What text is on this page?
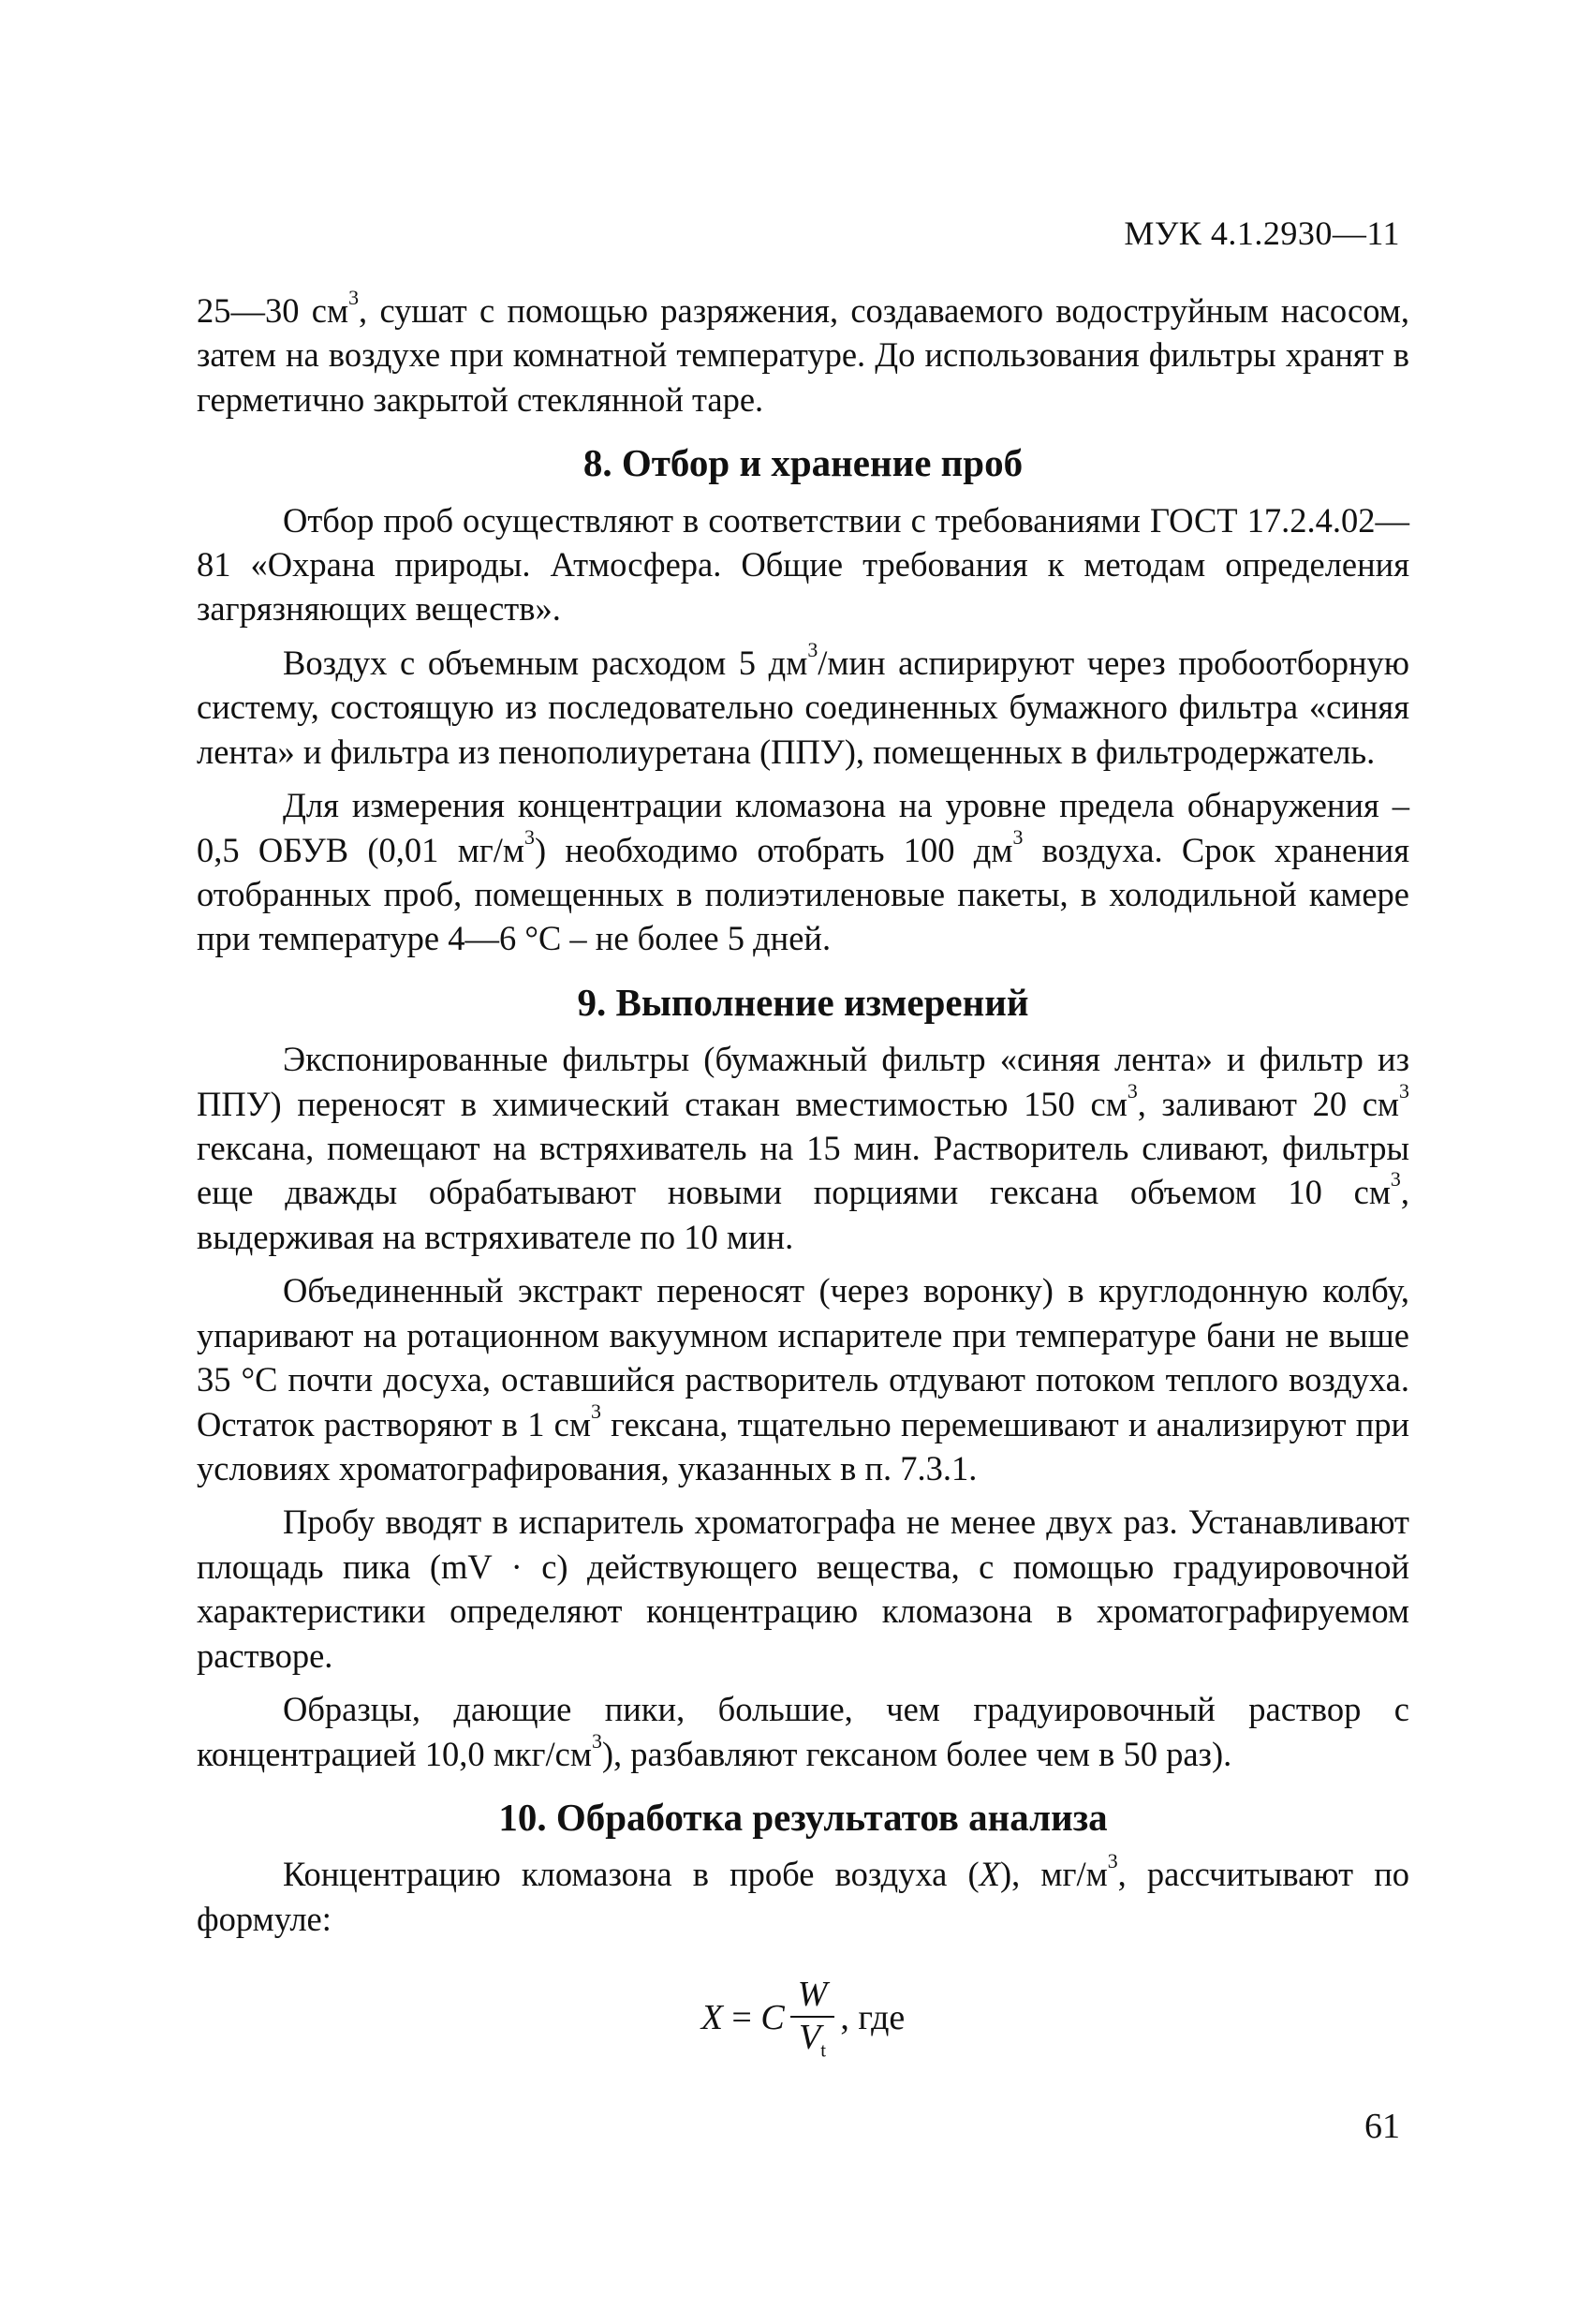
МУК 4.1.2930—11

25—30 $см^3$, сушат с помощью разряжения, создаваемого водоструйным насосом, затем на воздухе при комнатной температуре. До использования фильтры хранят в герметично закрытой стеклянной таре.

8. Отбор и хранение проб

Отбор проб осуществляют в соответствии с требованиями ГОСТ 17.2.4.02—81 «Охрана природы. Атмосфера. Общие требования к методам определения загрязняющих веществ».

Воздух с объемным расходом 5 $дм^3$/мин аспирируют через пробоотборную систему, состоящую из последовательно соединенных бумажного фильтра «синяя лента» и фильтра из пенополиуретана (ППУ), помещенных в фильтродержатель.

Для измерения концентрации кломазона на уровне предела обнаружения – 0,5 ОБУВ (0,01 $мг/м^3$) необходимо отобрать 100 $дм^3$ воздуха. Срок хранения отобранных проб, помещенных в полиэтиленовые пакеты, в холодильной камере при температуре 4—6 °С – не более 5 дней.

9. Выполнение измерений

Экспонированные фильтры (бумажный фильтр «синяя лента» и фильтр из ППУ) переносят в химический стакан вместимостью 150 $см^3$, заливают 20 $см^3$ гексана, помещают на встряхиватель на 15 мин. Растворитель сливают, фильтры еще дважды обрабатывают новыми порциями гексана объемом 10 $см^3$, выдерживая на встряхивателе по 10 мин.

Объединенный экстракт переносят (через воронку) в круглодонную колбу, упаривают на ротационном вакуумном испарителе при температуре бани не выше 35 °С почти досуха, оставшийся растворитель отдувают потоком теплого воздуха. Остаток растворяют в 1 $см^3$ гексана, тщательно перемешивают и анализируют при условиях хроматографирования, указанных в п. 7.3.1.

Пробу вводят в испаритель хроматографа не менее двух раз. Устанавливают площадь пика (mV · с) действующего вещества, с помощью градуировочной характеристики определяют концентрацию кломазона в хроматографируемом растворе.

Образцы, дающие пики, большие, чем градуировочный раствор с концентрацией 10,0 мкг/$см^3$), разбавляют гексаном более чем в 50 раз).

10. Обработка результатов анализа

Концентрацию кломазона в пробе воздуха (X), $мг/м^3$, рассчитывают по формуле:

X = C $\frac{W}{V_t}$ , где
61
